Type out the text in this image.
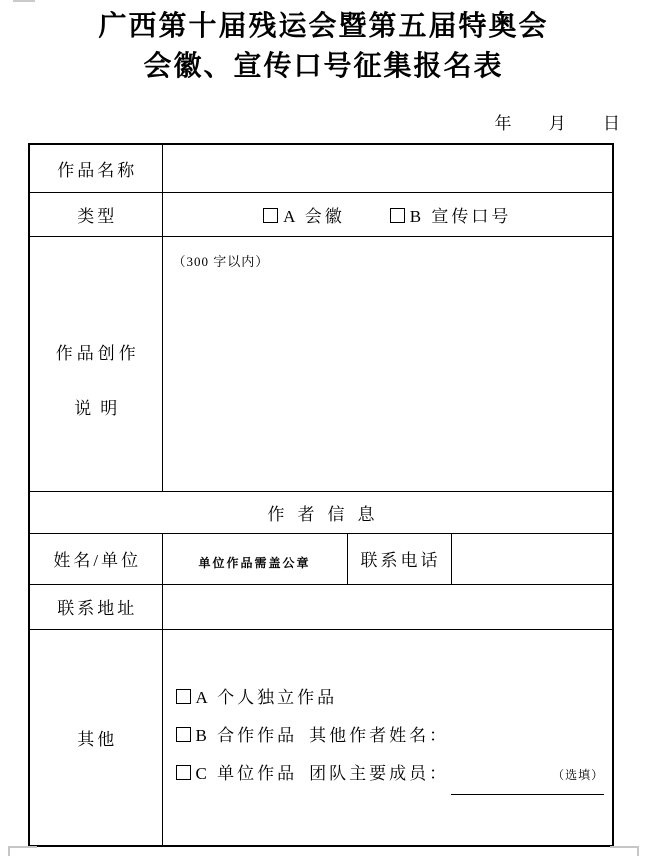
广西第十届残运会暨第五届特奥会
会徽、宣传口号征集报名表
年 月 日
作品名称			
类型	A 会徽 B 宣传口号		

作品创作
说明	（300 字以内）		

作者信息			
姓名/单位	单位作品需盖公章	联系电话	
联系地址			
其他	A 个人独立作品
B 合作作品 其他作者姓名：
C 单位作品 团队主要成员： （选填）		
